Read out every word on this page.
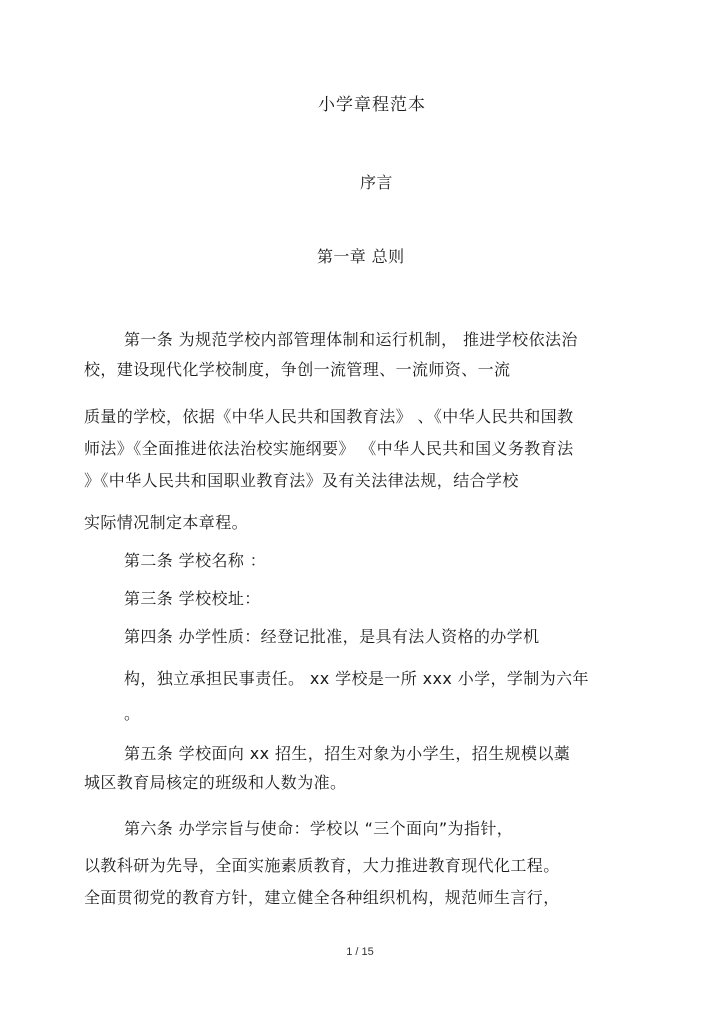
小学章程范本
序言
第一章 总则
第一条 为规范学校内部管理体制和运行机制， 推进学校依法治
校，建设现代化学校制度，争创一流管理、一流师资、一流
质量的学校，依据《中华人民共和国教育法》 、《中华人民共和国教
师法》《全面推进依法治校实施纲要》 《中华人民共和国义务教育法
》《中华人民共和国职业教育法》及有关法律法规，结合学校
实际情况制定本章程。
第二条 学校名称 ：
第三条 学校校址：
第四条 办学性质：经登记批准，是具有法人资格的办学机
构，独立承担民事责任。 xx 学校是一所 xxx 小学，学制为六年
。
第五条 学校面向 xx 招生，招生对象为小学生，招生规模以藁
城区教育局核定的班级和人数为准。
第六条 办学宗旨与使命：学校以 “三个面向”为指针，
以教科研为先导，全面实施素质教育，大力推进教育现代化工程。
全面贯彻党的教育方针，建立健全各种组织机构，规范师生言行，
1 / 15
